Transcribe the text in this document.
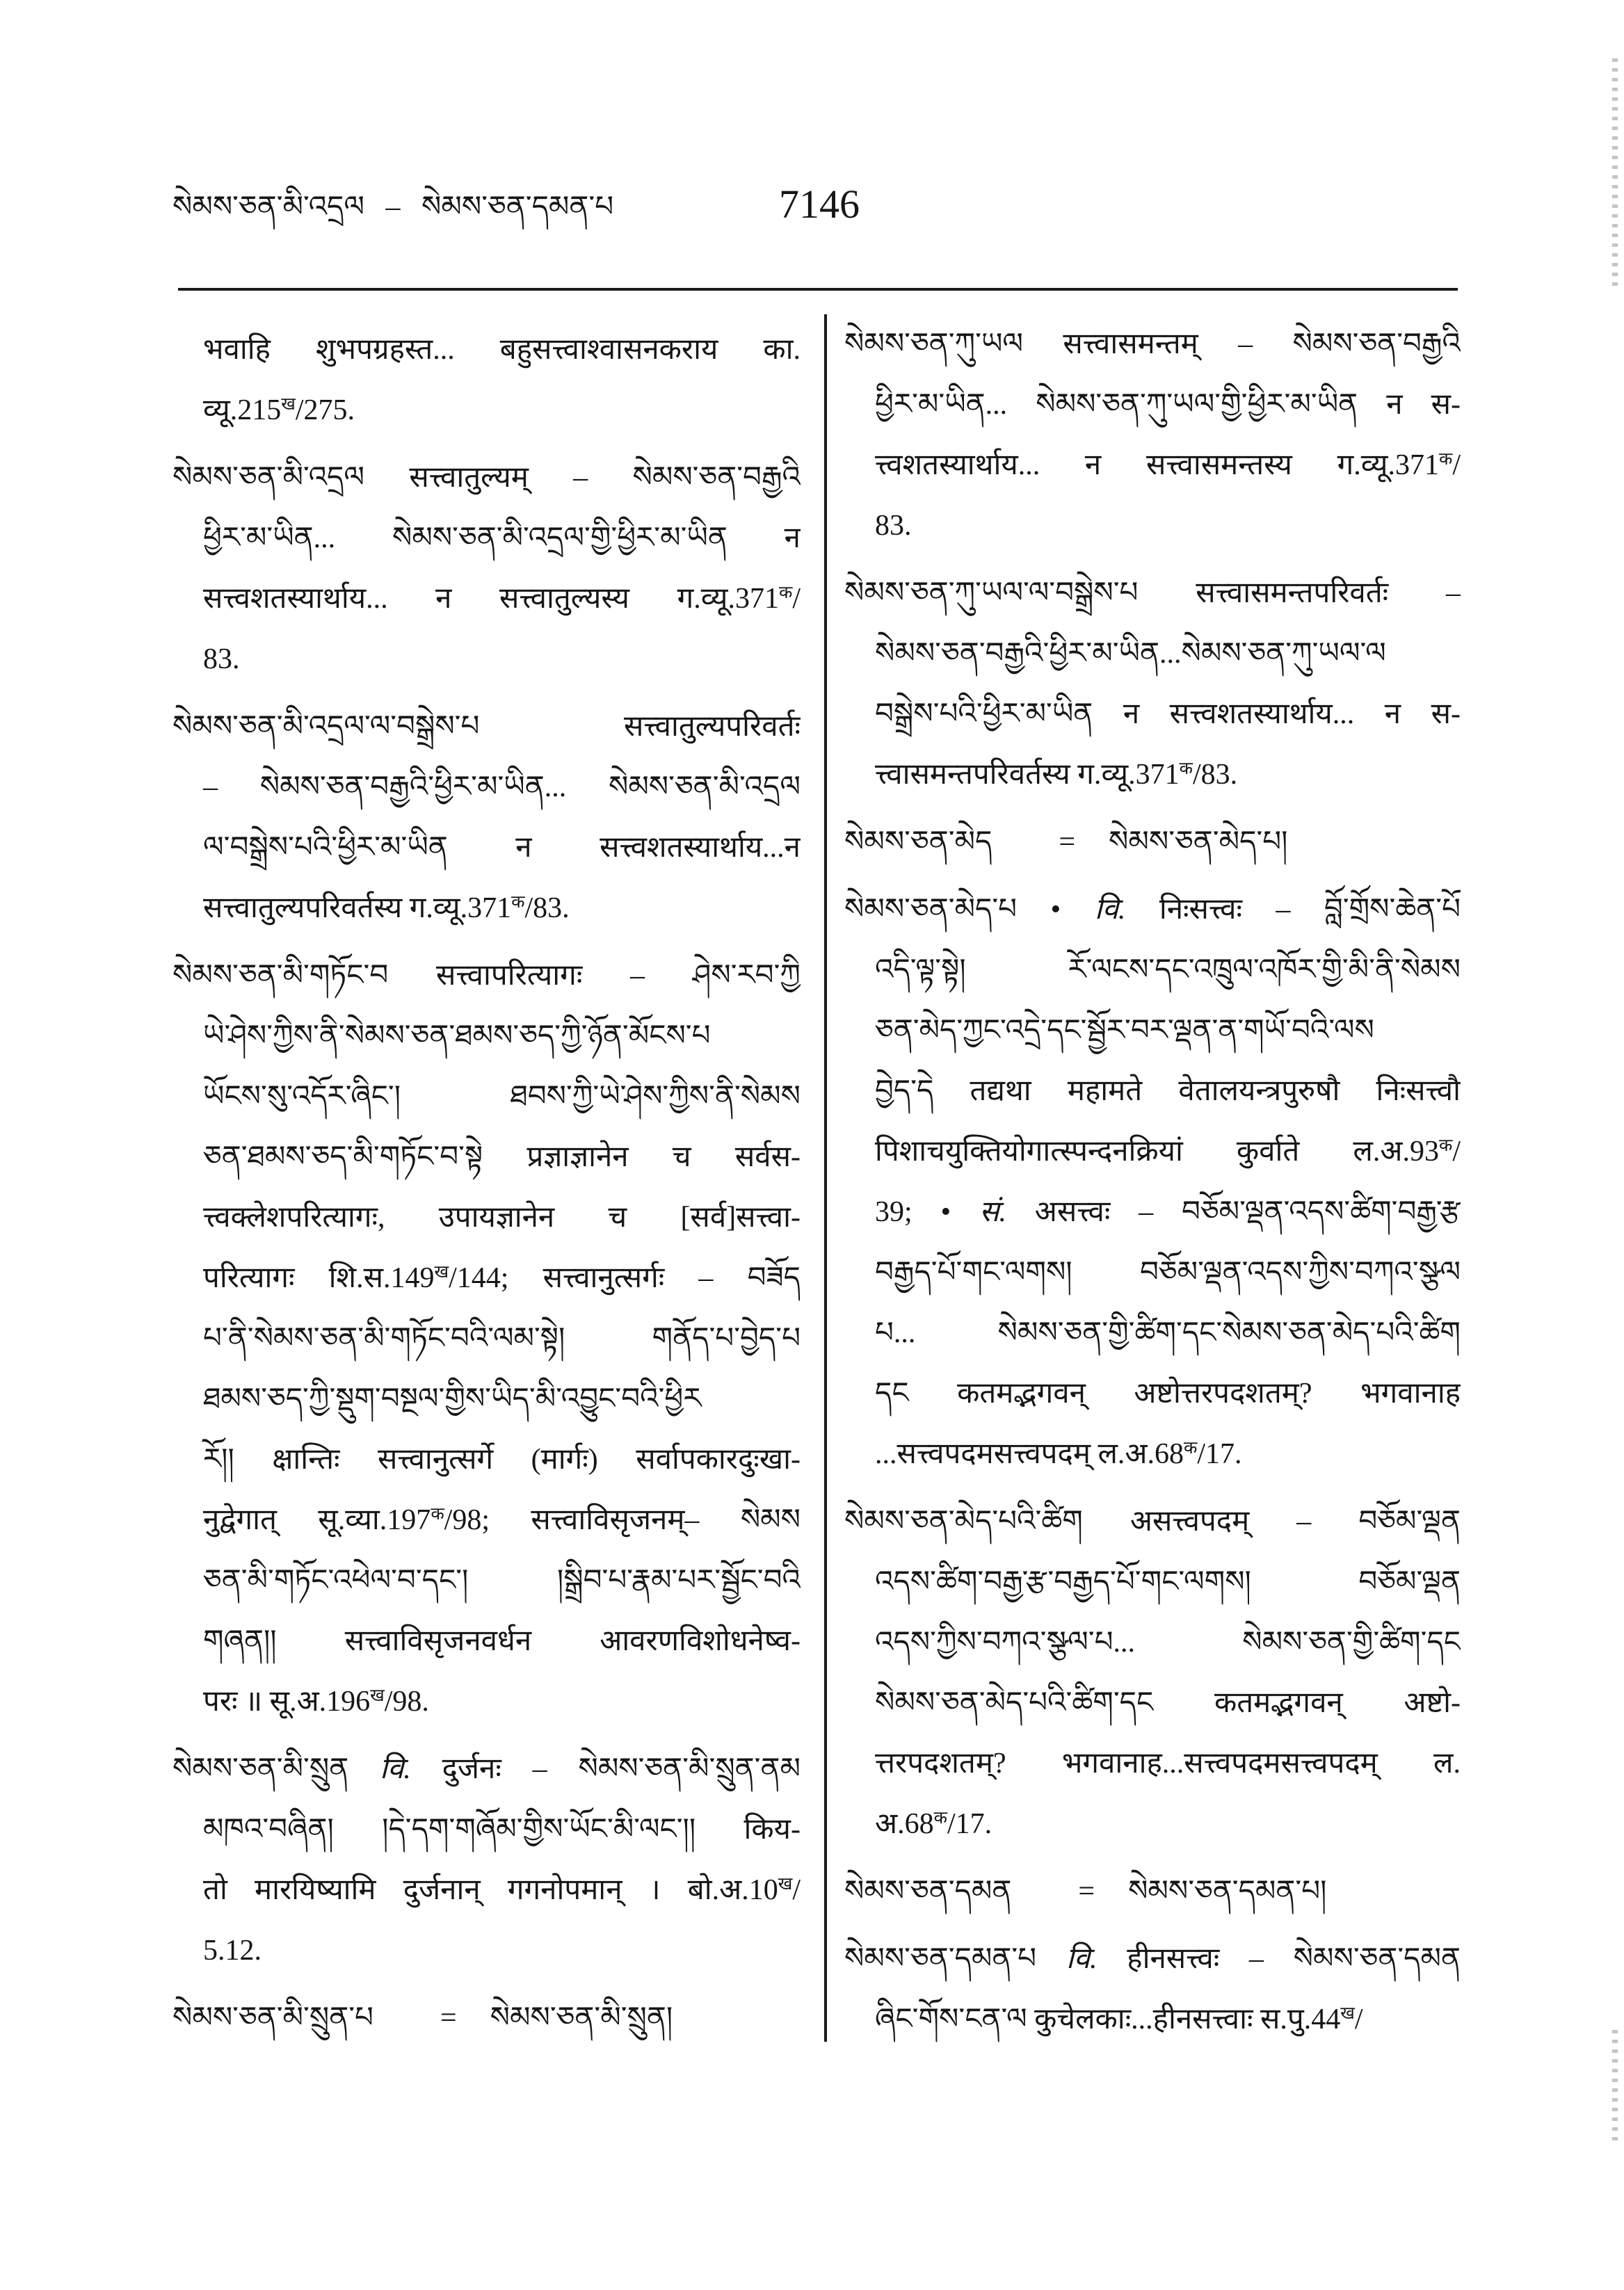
སེམས་ཅན་མི་འདྲལ – སེམས་ཅན་དམན་པ	7146
भवाहि शुभपग्रहस्त... बहुसत्त्वाश्वासनकराय का.
$व्यू.215^ख/275$.
སེམས་ཅན་མི་འདྲལ सत्त्वातुल्यम् – སེམས་ཅན་བརྒྱའི
ཕྱིར་མ་ཡིན... སེམས་ཅན་མི་འདྲལ་གྱི་ཕྱིར་མ་ཡིན न
सत्त्वशतस्यार्थाय... न सत्त्वातुल्यस्य $ग.व्यू.371^क/$
83.
སེམས་ཅན་མི་འདྲལ་ལ་བསྒྲེས་པ सत्त्वातुल्यपरिवर्तः
– སེམས་ཅན་བརྒྱའི་ཕྱིར་མ་ཡིན... སེམས་ཅན་མི་འདྲལ
ལ་བསྒྲེས་པའི་ཕྱིར་མ་ཡིན न सत्त्वशतस्यार्थाय...न
सत्त्वातुल्यपरिवर्तस्य $ग.व्यू.371^क/83$.
སེམས་ཅན་མི་གཏོང་བ सत्त्वापरित्यागः – ཤེས་རབ་ཀྱི
ཡེ་ཤེས་ཀྱིས་ནི་སེམས་ཅན་ཐམས་ཅད་ཀྱི་ཉོན་མོངས་པ
ཡོངས་སུ་འདོར་ཞིང་། ཐབས་ཀྱི་ཡེ་ཤེས་ཀྱིས་ནི་སེམས
ཅན་ཐམས་ཅད་མི་གཏོང་བ་སྟེ प्रज्ञाज्ञानेन च सर्वस-
त्त्वक्लेशपरित्यागः, उपायज्ञानेन च [सर्व]सत्त्वा-
परित्यागः $शि.स.149^ख/144$; सत्त्वानुत्सर्गः – བཟོད
པ་ནི་སེམས་ཅན་མི་གཏོང་བའི་ལམ་སྟེ། གནོད་པ་བྱེད་པ
ཐམས་ཅད་ཀྱི་སྡུག་བསྔལ་གྱིས་ཡིད་མི་འབྱུང་བའི་ཕྱིར
རོ།། क्षान्तिः सत्त्वानुत्सर्गे (मार्गः) सर्वापकारदुःखा-
नुद्वेगात् $सू.व्या.197^क/98$; सत्त्वाविसृजनम्– སེམས
ཅན་མི་གཏོང་འཕེལ་བ་དང་། །སྒྲིབ་པ་རྣམ་པར་སྦྱོང་བའི
གཞན།། सत्त्वाविसृजनवर्धन आवरणविशोधनेष्व-
परः ॥ $सू.अ.196^ख/98$.
སེམས་ཅན་མི་སྲུན वि. दुर्जनः – སེམས་ཅན་མི་སྲུན་ནམ
མཁའ་བཞིན། །དེ་དག་གཞོམ་གྱིས་ཡོང་མི་ལང་།། किय-
तो मारयिष्यामि दुर्जनान् गगनोपमान् । $बो.अ.10^ख/$
5.12.
སེམས་ཅན་མི་སྲུན་པ = སེམས་ཅན་མི་སྲུན།
སེམས་ཅན་ཀུ་ཡལ सत्त्वासमन्तम् – སེམས་ཅན་བརྒྱའི
ཕྱིར་མ་ཡིན... སེམས་ཅན་ཀུ་ཡལ་གྱི་ཕྱིར་མ་ཡིན न स-
त्त्वशतस्यार्थाय... न सत्त्वासमन्तस्य $ग.व्यू.371^क/$
83.
སེམས་ཅན་ཀུ་ཡལ་ལ་བསྒྲེས་པ सत्त्वासमन्तपरिवर्तः –
སེམས་ཅན་བརྒྱའི་ཕྱིར་མ་ཡིན...སེམས་ཅན་ཀུ་ཡལ་ལ
བསྒྲེས་པའི་ཕྱིར་མ་ཡིན न सत्त्वशतस्यार्थाय... न स-
त्त्वासमन्तपरिवर्तस्य $ग.व्यू.371^क/83$.
སེམས་ཅན་མེད = སེམས་ཅན་མེད་པ།
སེམས་ཅན་མེད་པ • वि. निःसत्त्वः – བློ་གྲོས་ཆེན་པོ
འདི་ལྟ་སྟེ། རོ་ལངས་དང་འཁྲུལ་འཁོར་གྱི་མི་ནི་སེམས
ཅན་མེད་ཀྱང་འདྲེ་དང་སྦྱོར་བར་ལྡན་ན་གཡོ་བའི་ལས
བྱེད་དེ तद्यथा महामते वेतालयन्त्रपुरुषौ निःसत्त्वौ
पिशाचयुक्तियोगात्स्पन्दनक्रियां कुर्वाते $ल.अ.93^क/$
39; • सं. असत्त्वः – བཅོམ་ལྡན་འདས་ཚིག་བརྒྱ་རྩ
བརྒྱད་པོ་གང་ལགས། བཅོམ་ལྡན་འདས་ཀྱིས་བཀའ་སྩལ
པ... སེམས་ཅན་གྱི་ཚིག་དང་སེམས་ཅན་མེད་པའི་ཚིག
དང कतमद्भगवन् अष्टोत्तरपदशतम्? भगवानाह
...सत्त्वपदमसत्त्वपदम् $ल.अ.68^क/17$.
སེམས་ཅན་མེད་པའི་ཚིག असत्त्वपदम् – བཅོམ་ལྡན
འདས་ཚིག་བརྒྱ་རྩ་བརྒྱད་པོ་གང་ལགས། བཅོམ་ལྡན
འདས་ཀྱིས་བཀའ་སྩལ་པ... སེམས་ཅན་གྱི་ཚིག་དང
སེམས་ཅན་མེད་པའི་ཚིག་དང कतमद्भगवन् अष्टो-
त्तरपदशतम्? भगवानाह...सत्त्वपदमसत्त्वपदम् ल.
$अ.68^क/17$.
སེམས་ཅན་དམན = སེམས་ཅན་དམན་པ།
སེམས་ཅན་དམན་པ वि. हीनसत्त्वः – སེམས་ཅན་དམན
ཞིང་གོས་ངན་ལ कुचेलकाः...हीनसत्त्वाः $स.पु.44^ख/$
